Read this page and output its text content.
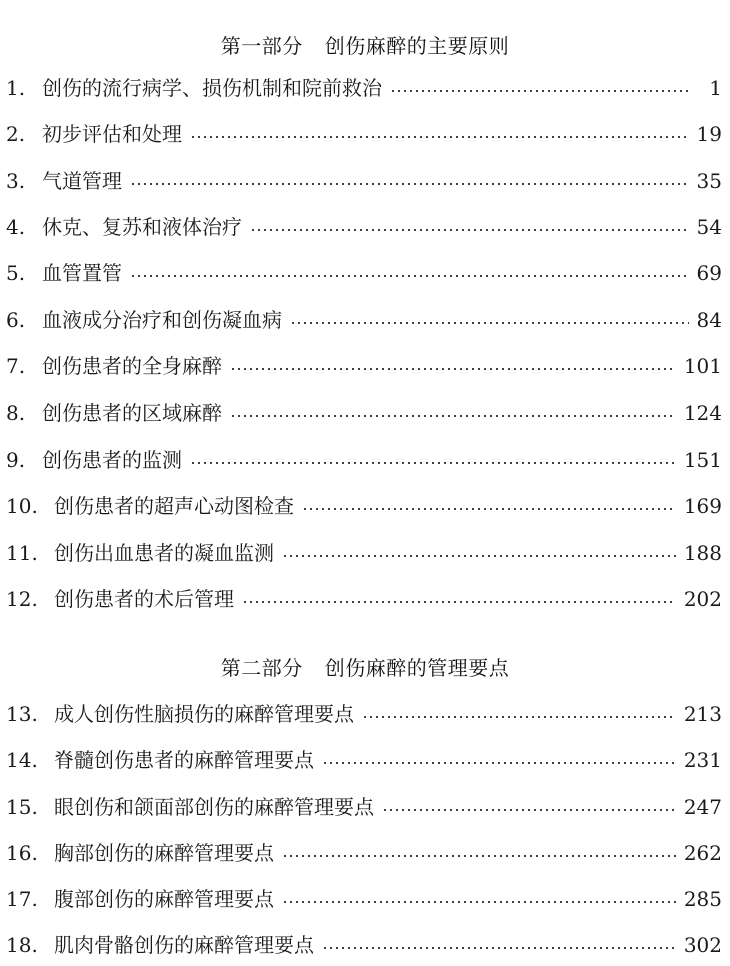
第一部分 创伤麻醉的主要原则
1. 创伤的流行病学、损伤机制和院前救治	1
2. 初步评估和处理	19
3. 气道管理	35
4. 休克、复苏和液体治疗	54
5. 血管置管	69
6. 血液成分治疗和创伤凝血病	84
7. 创伤患者的全身麻醉	101
8. 创伤患者的区域麻醉	124
9. 创伤患者的监测	151
10. 创伤患者的超声心动图检查	169
11. 创伤出血患者的凝血监测	188
12. 创伤患者的术后管理	202
第二部分 创伤麻醉的管理要点
13. 成人创伤性脑损伤的麻醉管理要点	213
14. 脊髓创伤患者的麻醉管理要点	231
15. 眼创伤和颌面部创伤的麻醉管理要点	247
16. 胸部创伤的麻醉管理要点	262
17. 腹部创伤的麻醉管理要点	285
18. 肌肉骨骼创伤的麻醉管理要点	302
